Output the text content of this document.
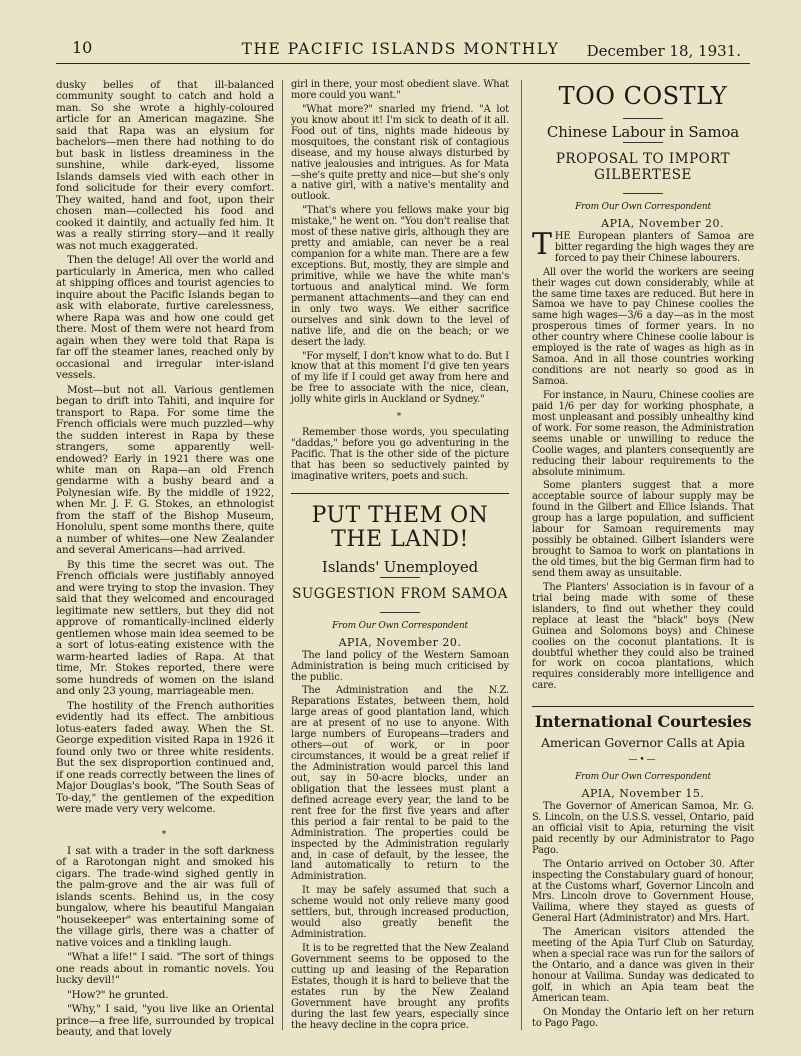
10	THE PACIFIC ISLANDS MONTHLY	December 18, 1931.

dusky belles of that ill-balanced community sought to catch and hold a man. So she wrote a highly-coloured article for an American magazine. She said that Rapa was an elysium for bachelors—men there had nothing to do but bask in listless dreaminess in the sunshine, while dark-eyed, lissome Islands damsels vied with each other in fond solicitude for their every comfort. They waited, hand and foot, upon their chosen man—collected his food and cooked it daintily, and actually fed him. It was a really stirring story—and it really was not much exaggerated.

Then the deluge! All over the world and particularly in America, men who called at shipping offices and tourist agencies to inquire about the Pacific Islands began to ask with elaborate, furtive carelessness, where Rapa was and how one could get there. Most of them were not heard from again when they were told that Rapa is far off the steamer lanes, reached only by occasional and irregular inter-island vessels.

Most—but not all. Various gentlemen began to drift into Tahiti, and inquire for transport to Rapa. For some time the French officials were much puzzled—why the sudden interest in Rapa by these strangers, some apparently well-endowed? Early in 1921 there was one white man on Rapa—an old French gendarme with a bushy beard and a Polynesian wife. By the middle of 1922, when Mr. J. F. G. Stokes, an ethnologist from the staff of the Bishop Museum, Honolulu, spent some months there, quite a number of whites—one New Zealander and several Americans—had arrived.

By this time the secret was out. The French officials were justifiably annoyed and were trying to stop the invasion. They said that they welcomed and encouraged legitimate new settlers, but they did not approve of romantically-inclined elderly gentlemen whose main idea seemed to be a sort of lotus-eating existence with the warm-hearted ladies of Rapa. At that time, Mr. Stokes reported, there were some hundreds of women on the island and only 23 young, marriageable men.

The hostility of the French authorities evidently had its effect. The ambitious lotus-eaters faded away. When the St. George expedition visited Rapa in 1926 it found only two or three white residents. But the sex disproportion continued and, if one reads correctly between the lines of Major Douglas's book, "The South Seas of To-day," the gentlemen of the expedition were made very very welcome.

*

I sat with a trader in the soft darkness of a Rarotongan night and smoked his cigars. The trade-wind sighed gently in the palm-grove and the air was full of islands scents. Behind us, in the cosy bungalow, where his beautiful Mangaian "housekeeper" was entertaining some of the village girls, there was a chatter of native voices and a tinkling laugh.

"What a life!" I said. "The sort of things one reads about in romantic novels. You lucky devil!"

"How?" he grunted.

"Why," I said, "you live like an Oriental prince—a free life, surrounded by tropical beauty, and that lovely

girl in there, your most obedient slave. What more could you want."

"What more?" snarled my friend. "A lot you know about it! I'm sick to death of it all. Food out of tins, nights made hideous by mosquitoes, the constant risk of contagious disease, and my house always disturbed by native jealousies and intrigues. As for Mata—she's quite pretty and nice—but she's only a native girl, with a native's mentality and outlook.

"That's where you fellows make your big mistake," he went on. "You don't realise that most of these native girls, although they are pretty and amiable, can never be a real companion for a white man. There are a few exceptions. But, mostly, they are simple and primitive, while we have the white man's tortuous and analytical mind. We form permanent attachments—and they can end in only two ways. We either sacrifice ourselves and sink down to the level of native life, and die on the beach; or we desert the lady.

"For myself, I don't know what to do. But I know that at this moment I'd give ten years of my life if I could get away from here and be free to associate with the nice, clean, jolly white girls in Auckland or Sydney."

*

Remember those words, you speculating "daddas," before you go adventuring in the Pacific. That is the other side of the picture that has been so seductively painted by imaginative writers, poets and such.

PUT THEM ON THE LAND!
Islands' Unemployed
SUGGESTION FROM SAMOA
From Our Own Correspondent
APIA, November 20.

The land policy of the Western Samoan Administration is being much criticised by the public.

The Administration and the N.Z. Reparations Estates, between them, hold large areas of good plantation land, which are at present of no use to anyone. With large numbers of Europeans—traders and others—out of work, or in poor circumstances, it would be a great relief if the Administration would parcel this land out, say in 50-acre blocks, under an obligation that the lessees must plant a defined acreage every year, the land to be rent free for the first five years and after this period a fair rental to be paid to the Administration. The properties could be inspected by the Administration regularly and, in case of default, by the lessee, the land automatically to return to the Administration.

It may be safely assumed that such a scheme would not only relieve many good settlers, but, through increased production, would also greatly benefit the Administration.

It is to be regretted that the New Zealand Government seems to be opposed to the cutting up and leasing of the Reparation Estates, though it is hard to believe that the estates run by the New Zealand Government have brought any profits during the last few years, especially since the heavy decline in the copra price.

TOO COSTLY
Chinese Labour in Samoa
PROPOSAL TO IMPORT GILBERTESE
From Our Own Correspondent
APIA, November 20.

THE European planters of Samoa are bitter regarding the high wages they are forced to pay their Chinese labourers.

All over the world the workers are seeing their wages cut down considerably, while at the same time taxes are reduced. But here in Samoa we have to pay Chinese coolies the same high wages—3/6 a day—as in the most prosperous times of former years. In no other country where Chinese coolie labour is employed is the rate of wages as high as in Samoa. And in all those countries working conditions are not nearly so good as in Samoa.

For instance, in Nauru, Chinese coolies are paid 1/6 per day for working phosphate, a most unpleasant and possibly unhealthy kind of work. For some reason, the Administration seems unable or unwilling to reduce the Coolie wages, and planters consequently are reducing their labour requirements to the absolute minimum.

Some planters suggest that a more acceptable source of labour supply may be found in the Gilbert and Ellice Islands. That group has a large population, and sufficient labour for Samoan requirements may possibly be obtained. Gilbert Islanders were brought to Samoa to work on plantations in the old times, but the big German firm had to send them away as unsuitable.

The Planters' Association is in favour of a trial being made with some of these islanders, to find out whether they could replace at least the "black" boys (New Guinea and Solomons boys) and Chinese coolies on the coconut plantations. It is doubtful whether they could also be trained for work on cocoa plantations, which requires considerably more intelligence and care.

International Courtesies
American Governor Calls at Apia
—•—
From Our Own Correspondent
APIA, November 15.

The Governor of American Samoa, Mr. G. S. Lincoln, on the U.S.S. vessel, Ontario, paid an official visit to Apia, returning the visit paid recently by our Administrator to Pago Pago.

The Ontario arrived on October 30. After inspecting the Constabulary guard of honour, at the Customs wharf, Governor Lincoln and Mrs. Lincoln drove to Government House, Vailima, where they stayed as guests of General Hart (Administrator) and Mrs. Hart.

The American visitors attended the meeting of the Apia Turf Club on Saturday, when a special race was run for the sailors of the Ontario, and a dance was given in their honour at Vailima. Sunday was dedicated to golf, in which an Apia team beat the American team.

On Monday the Ontario left on her return to Pago Pago.
